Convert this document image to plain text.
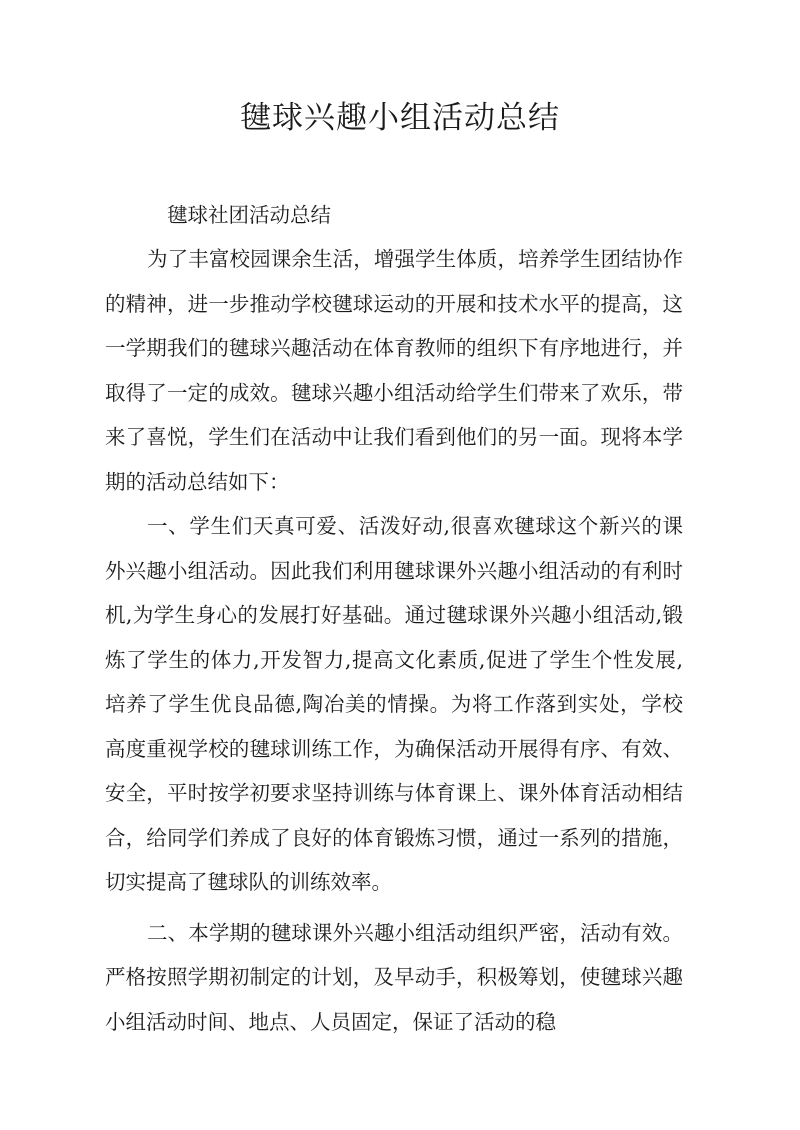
毽球兴趣小组活动总结

毽球社团活动总结

为了丰富校园课余生活，增强学生体质，培养学生团结协作的精神，进一步推动学校毽球运动的开展和技术水平的提高，这一学期我们的毽球兴趣活动在体育教师的组织下有序地进行，并取得了一定的成效。毽球兴趣小组活动给学生们带来了欢乐，带来了喜悦，学生们在活动中让我们看到他们的另一面。现将本学期的活动总结如下：

一、学生们天真可爱、活泼好动,很喜欢毽球这个新兴的课外兴趣小组活动。因此我们利用毽球课外兴趣小组活动的有利时机,为学生身心的发展打好基础。通过毽球课外兴趣小组活动,锻炼了学生的体力,开发智力,提高文化素质,促进了学生个性发展,培养了学生优良品德,陶冶美的情操。为将工作落到实处，学校高度重视学校的毽球训练工作，为确保活动开展得有序、有效、安全，平时按学初要求坚持训练与体育课上、课外体育活动相结合，给同学们养成了良好的体育锻炼习惯，通过一系列的措施，切实提高了毽球队的训练效率。

二、本学期的毽球课外兴趣小组活动组织严密，活动有效。严格按照学期初制定的计划，及早动手，积极筹划，使毽球兴趣小组活动时间、地点、人员固定，保证了活动的稳
